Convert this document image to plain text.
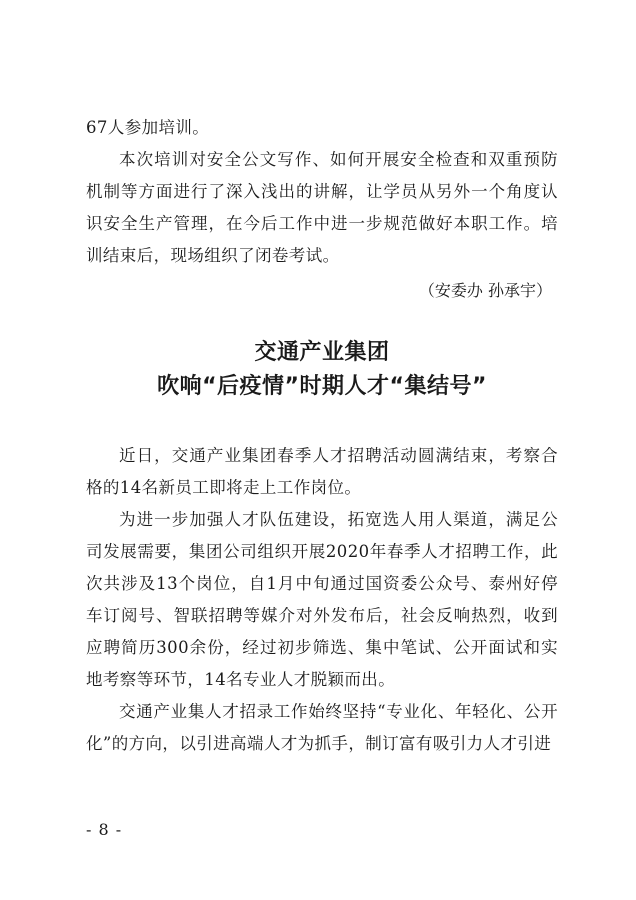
67人参加培训。

本次培训对安全公文写作、如何开展安全检查和双重预防机制等方面进行了深入浅出的讲解，让学员从另外一个角度认识安全生产管理，在今后工作中进一步规范做好本职工作。培训结束后，现场组织了闭卷考试。

（安委办 孙承宇）
交通产业集团
吹响“后疫情”时期人才“集结号”

近日，交通产业集团春季人才招聘活动圆满结束，考察合格的14名新员工即将走上工作岗位。

为进一步加强人才队伍建设，拓宽选人用人渠道，满足公司发展需要，集团公司组织开展2020年春季人才招聘工作，此次共涉及13个岗位，自1月中旬通过国资委公众号、泰州好停车订阅号、智联招聘等媒介对外发布后，社会反响热烈，收到应聘简历300余份，经过初步筛选、集中笔试、公开面试和实地考察等环节，14名专业人才脱颖而出。

交通产业集人才招录工作始终坚持“专业化、年轻化、公开化”的方向，以引进高端人才为抓手，制订富有吸引力人才引进

- 8 -
